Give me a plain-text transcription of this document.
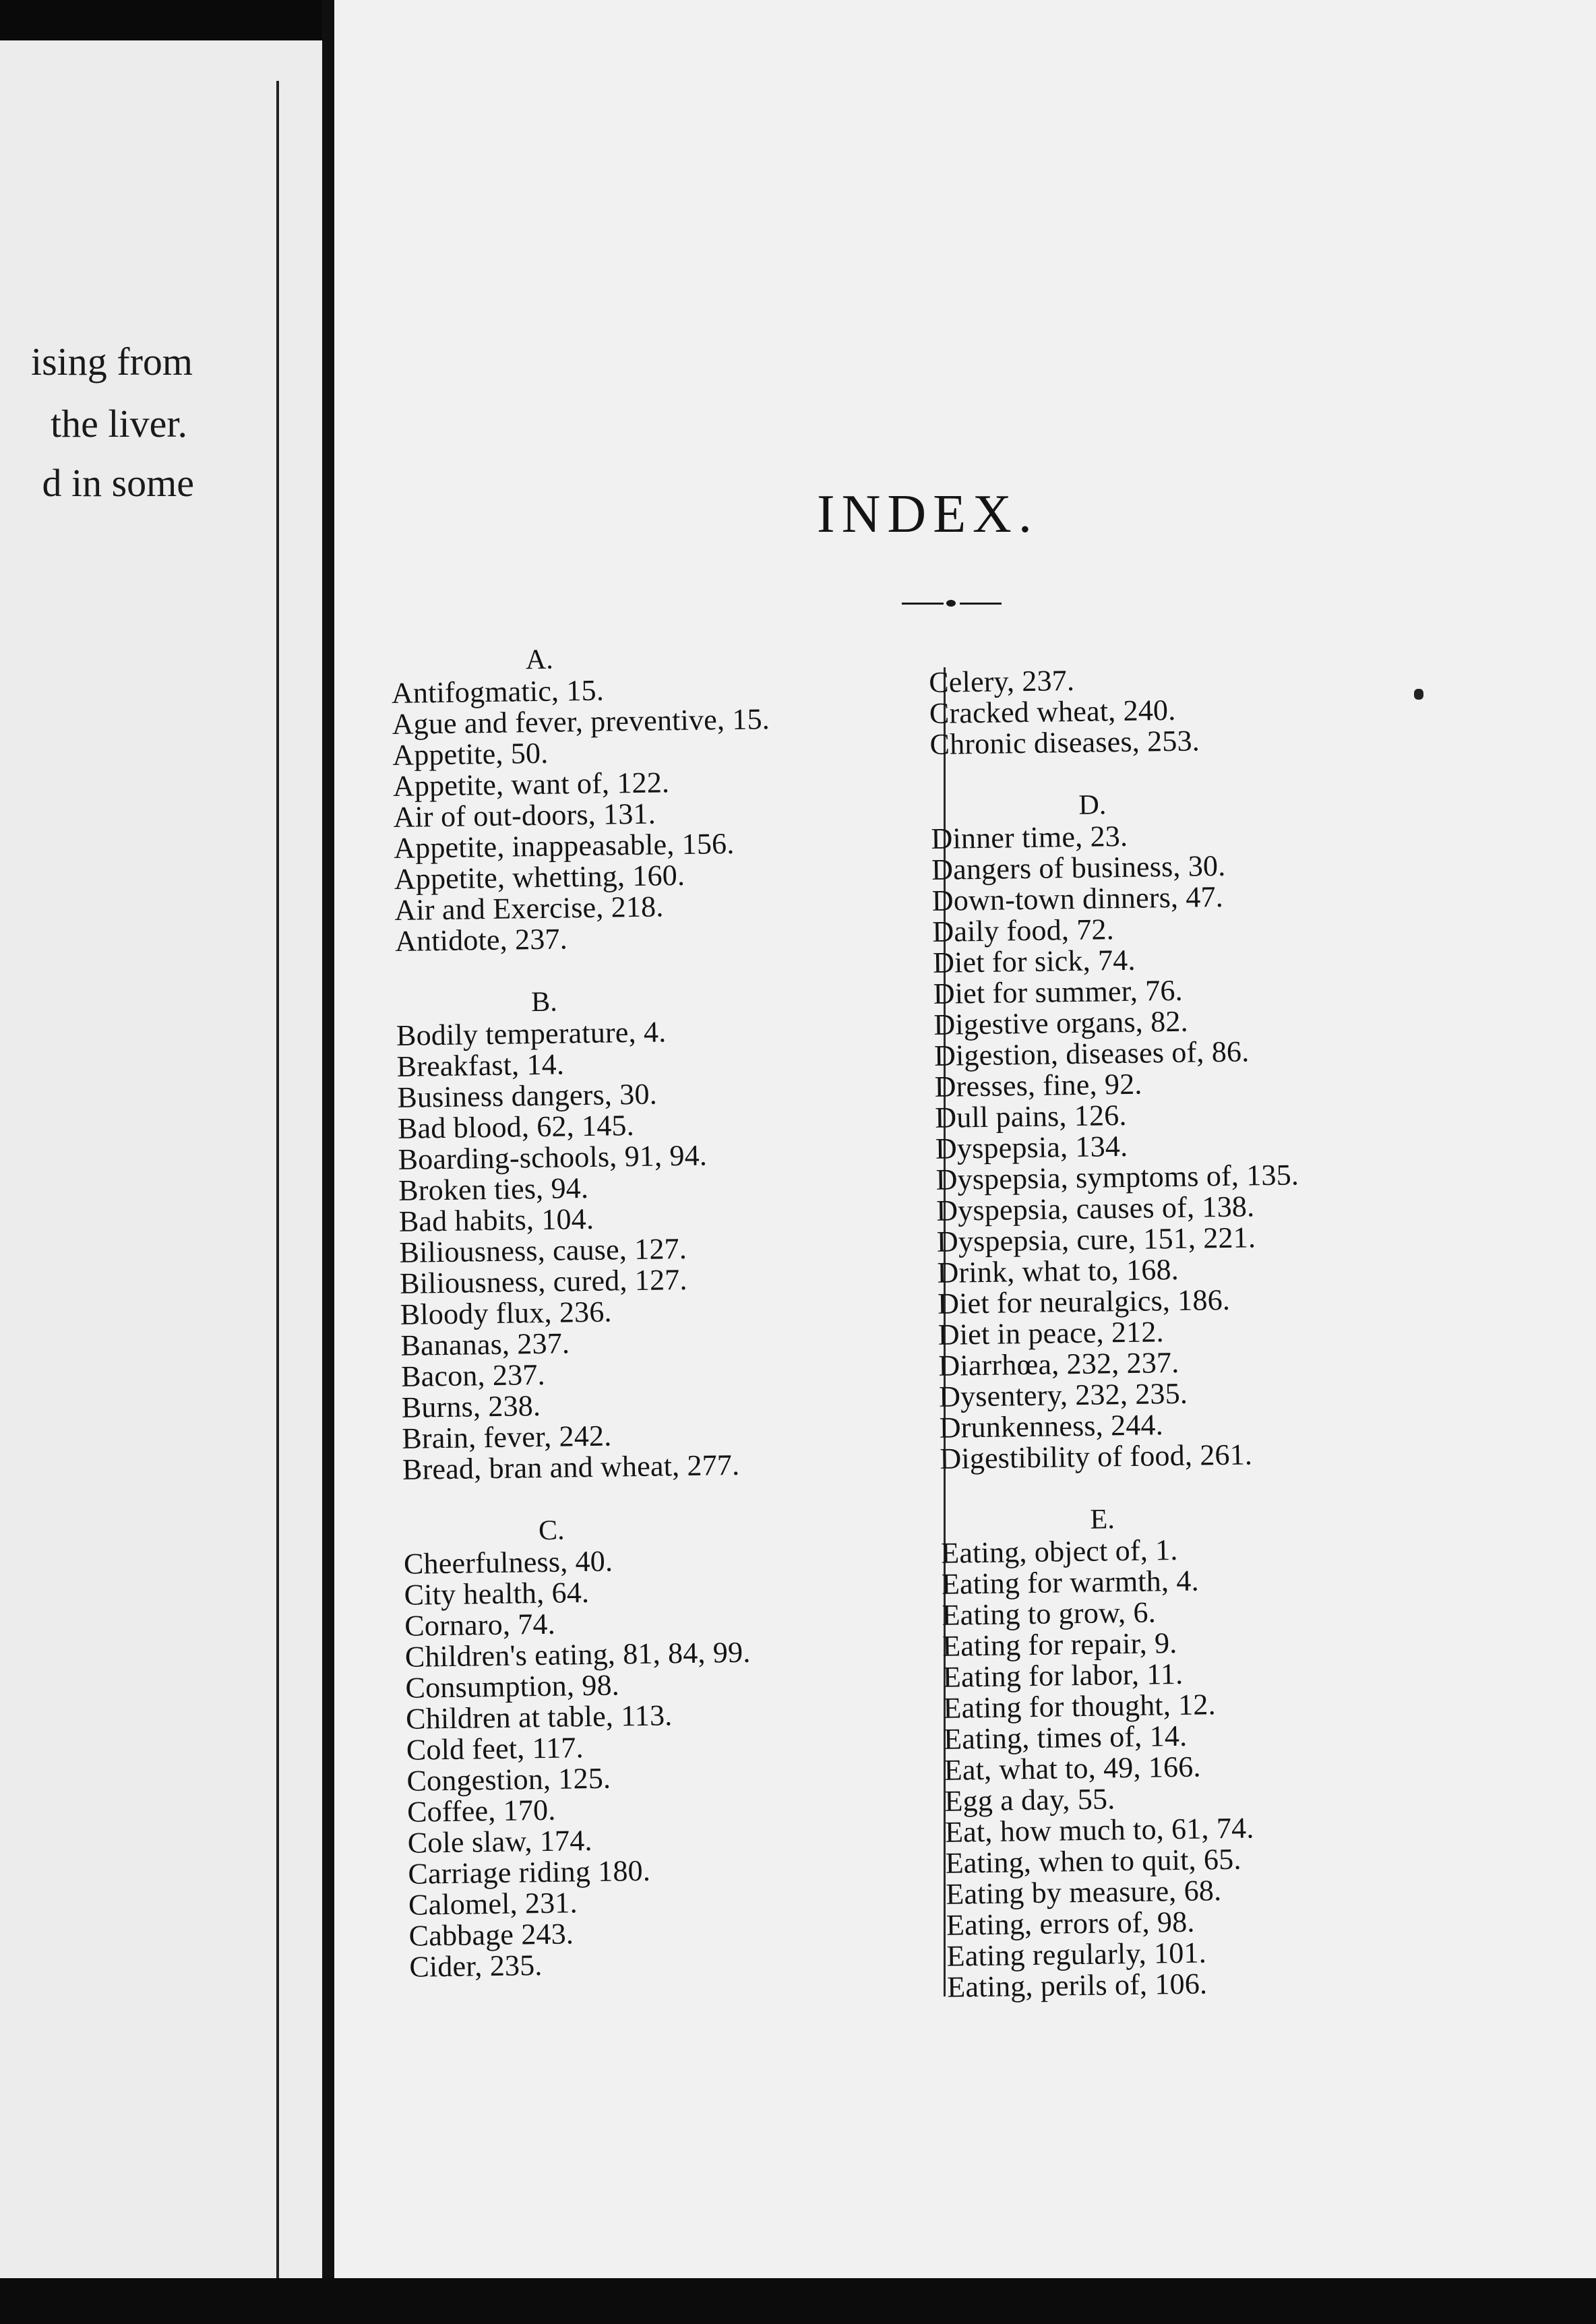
ising from
the liver.
d in some
INDEX.
A.
Antifogmatic, 15.
Ague and fever, preventive, 15.
Appetite, 50.
Appetite, want of, 122.
Air of out-doors, 131.
Appetite, inappeasable, 156.
Appetite, whetting, 160.
Air and Exercise, 218.
Antidote, 237.
B.
Bodily temperature, 4.
Breakfast, 14.
Business dangers, 30.
Bad blood, 62, 145.
Boarding-schools, 91, 94.
Broken ties, 94.
Bad habits, 104.
Biliousness, cause, 127.
Biliousness, cured, 127.
Bloody flux, 236.
Bananas, 237.
Bacon, 237.
Burns, 238.
Brain, fever, 242.
Bread, bran and wheat, 277.
C.
Cheerfulness, 40.
City health, 64.
Cornaro, 74.
Children's eating, 81, 84, 99.
Consumption, 98.
Children at table, 113.
Cold feet, 117.
Congestion, 125.
Coffee, 170.
Cole slaw, 174.
Carriage riding 180.
Calomel, 231.
Cabbage 243.
Cider, 235.
Celery, 237.
Cracked wheat, 240.
Chronic diseases, 253.
D.
Dinner time, 23.
Dangers of business, 30.
Down-town dinners, 47.
Daily food, 72.
Diet for sick, 74.
Diet for summer, 76.
Digestive organs, 82.
Digestion, diseases of, 86.
Dresses, fine, 92.
Dull pains, 126.
Dyspepsia, 134.
Dyspepsia, symptoms of, 135.
Dyspepsia, causes of, 138.
Dyspepsia, cure, 151, 221.
Drink, what to, 168.
Diet for neuralgics, 186.
Diet in peace, 212.
Diarrhœa, 232, 237.
Dysentery, 232, 235.
Drunkenness, 244.
Digestibility of food, 261.
E.
Eating, object of, 1.
Eating for warmth, 4.
Eating to grow, 6.
Eating for repair, 9.
Eating for labor, 11.
Eating for thought, 12.
Eating, times of, 14.
Eat, what to, 49, 166.
Egg a day, 55.
Eat, how much to, 61, 74.
Eating, when to quit, 65.
Eating by measure, 68.
Eating, errors of, 98.
Eating regularly, 101.
Eating, perils of, 106.
